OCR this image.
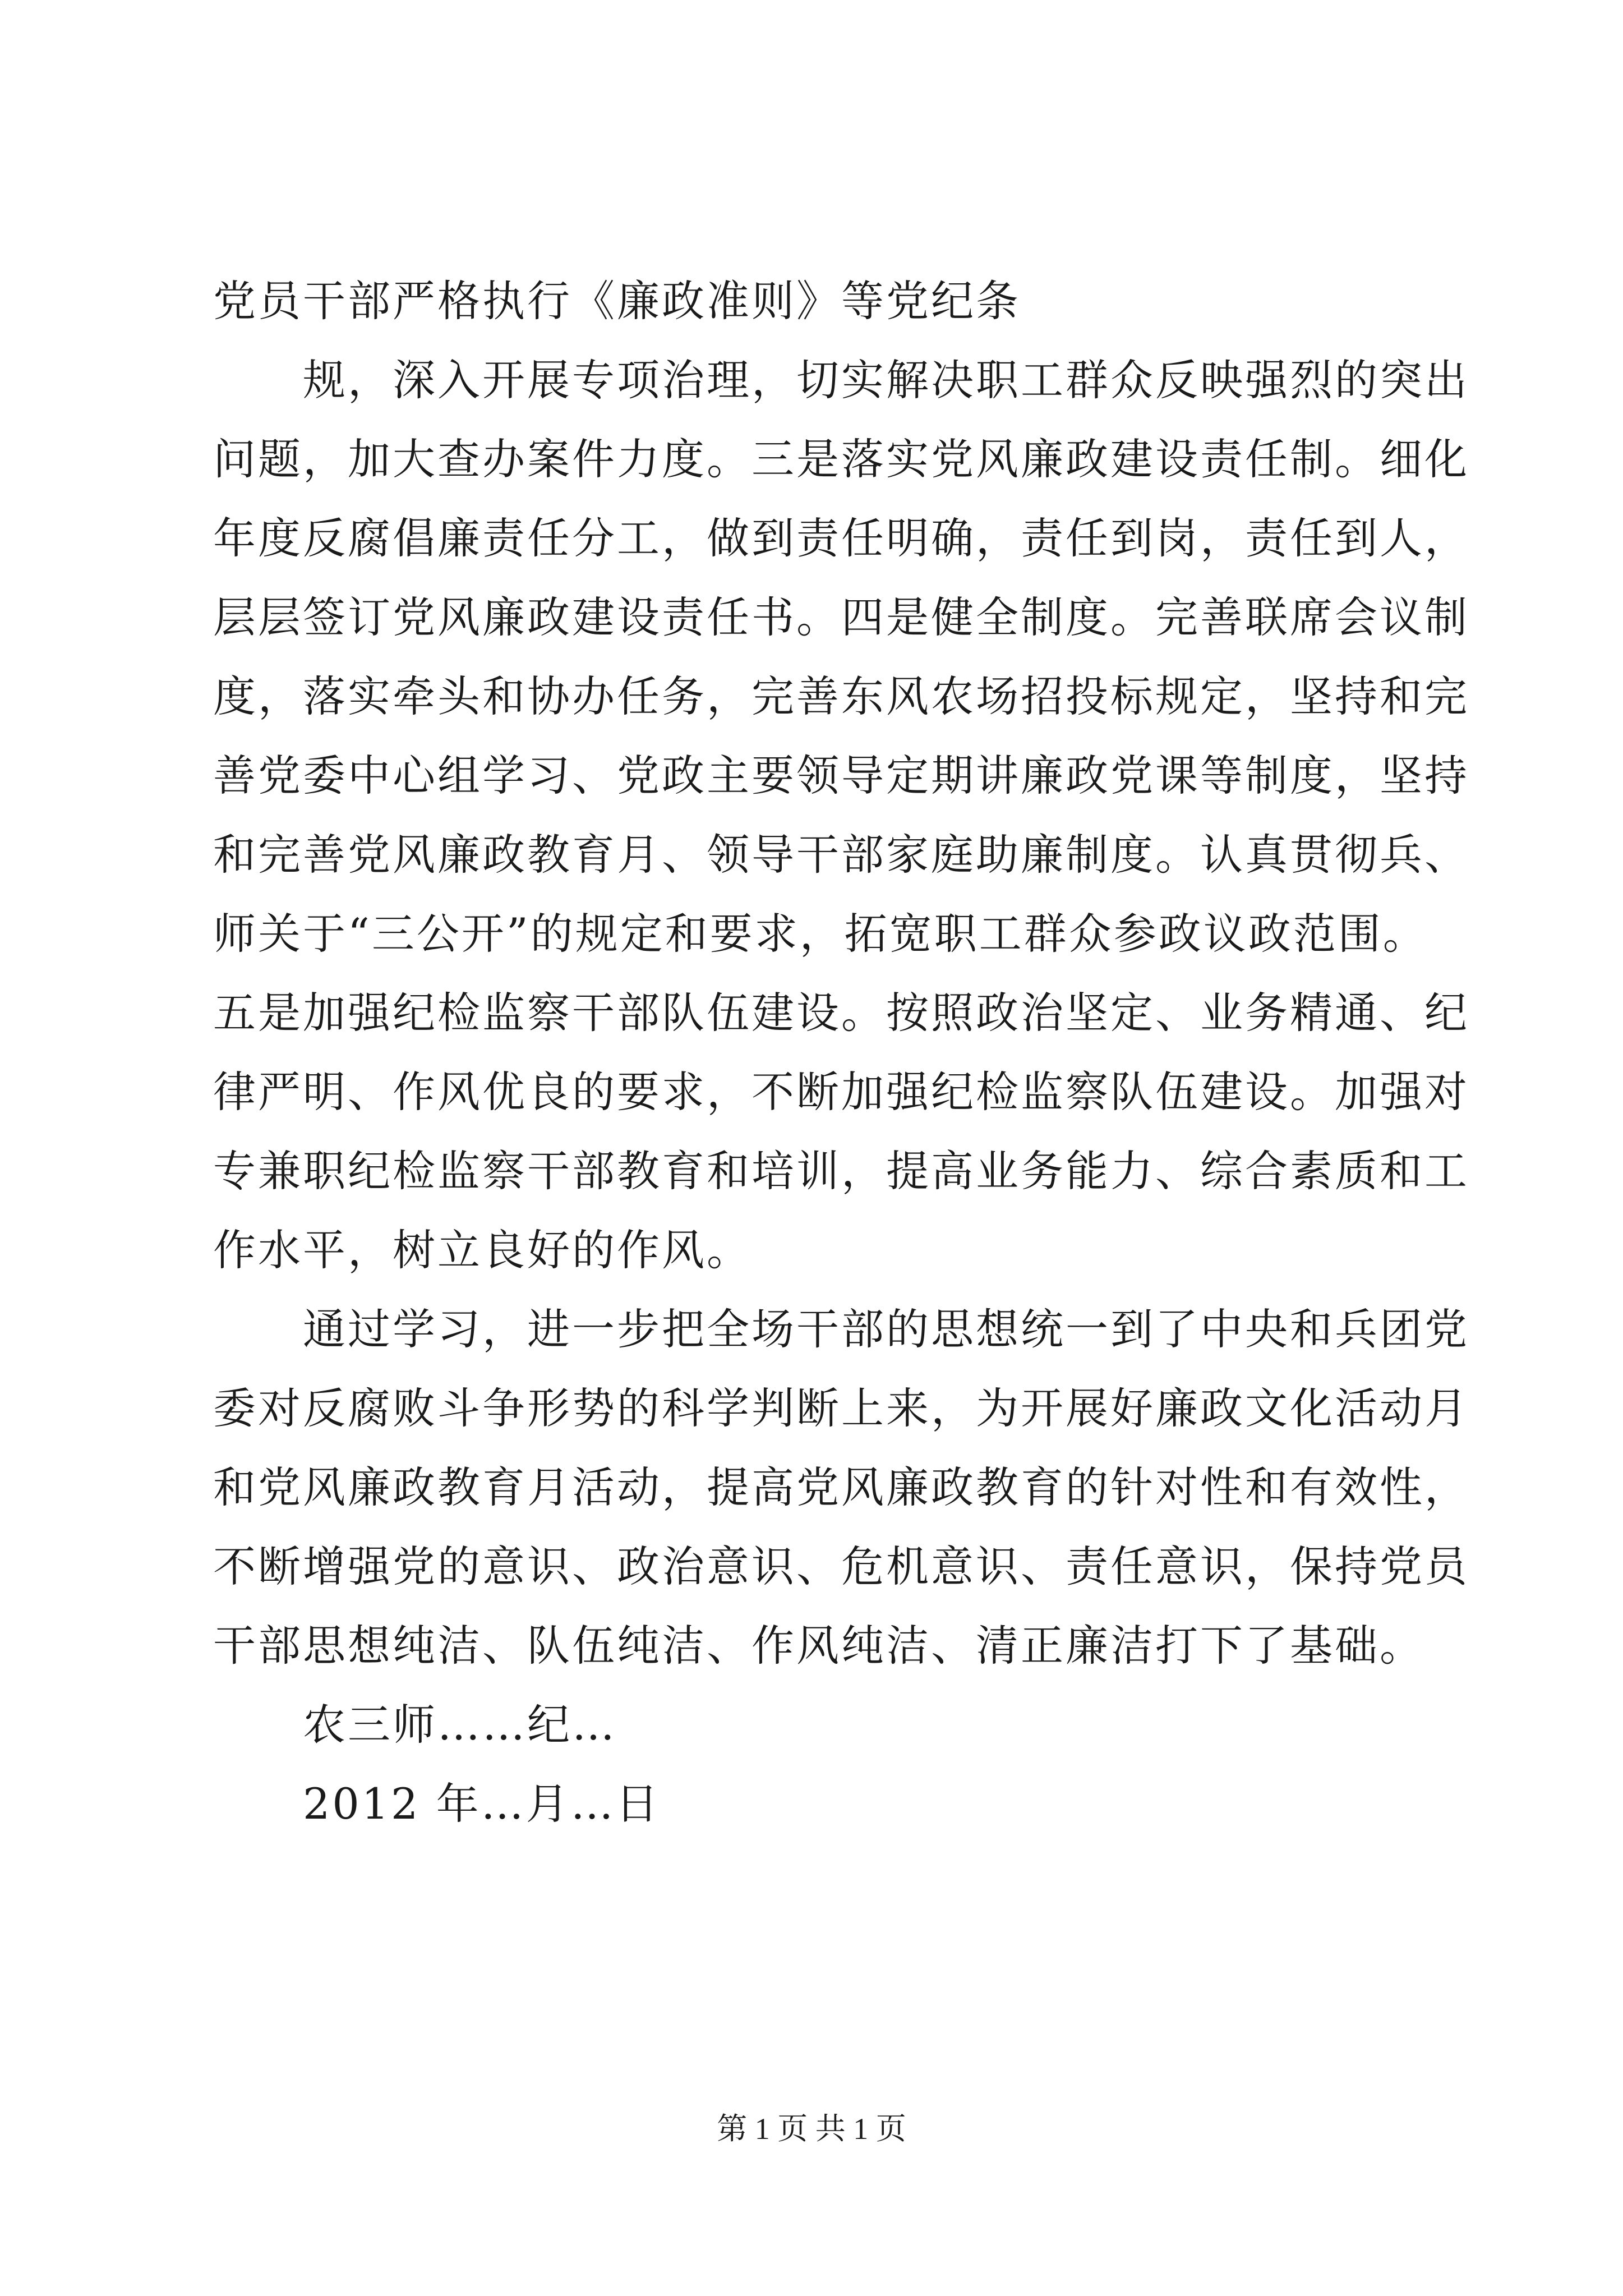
党员干部严格执行《廉政准则》等党纪条
规，深入开展专项治理，切实解决职工群众反映强烈的突出
问题，加大查办案件力度。三是落实党风廉政建设责任制。细化
年度反腐倡廉责任分工，做到责任明确，责任到岗，责任到人，
层层签订党风廉政建设责任书。四是健全制度。完善联席会议制
度，落实牵头和协办任务，完善东风农场招投标规定，坚持和完
善党委中心组学习、党政主要领导定期讲廉政党课等制度，坚持
和完善党风廉政教育月、领导干部家庭助廉制度。认真贯彻兵、
师关于“三公开”的规定和要求，拓宽职工群众参政议政范围。
五是加强纪检监察干部队伍建设。按照政治坚定、业务精通、纪
律严明、作风优良的要求，不断加强纪检监察队伍建设。加强对
专兼职纪检监察干部教育和培训，提高业务能力、综合素质和工
作水平，树立良好的作风。
通过学习，进一步把全场干部的思想统一到了中央和兵团党
委对反腐败斗争形势的科学判断上来，为开展好廉政文化活动月
和党风廉政教育月活动，提高党风廉政教育的针对性和有效性，
不断增强党的意识、政治意识、危机意识、责任意识，保持党员
干部思想纯洁、队伍纯洁、作风纯洁、清正廉洁打下了基础。
农三师……纪…
2012 年…月…日
第 1 页 共 1 页
